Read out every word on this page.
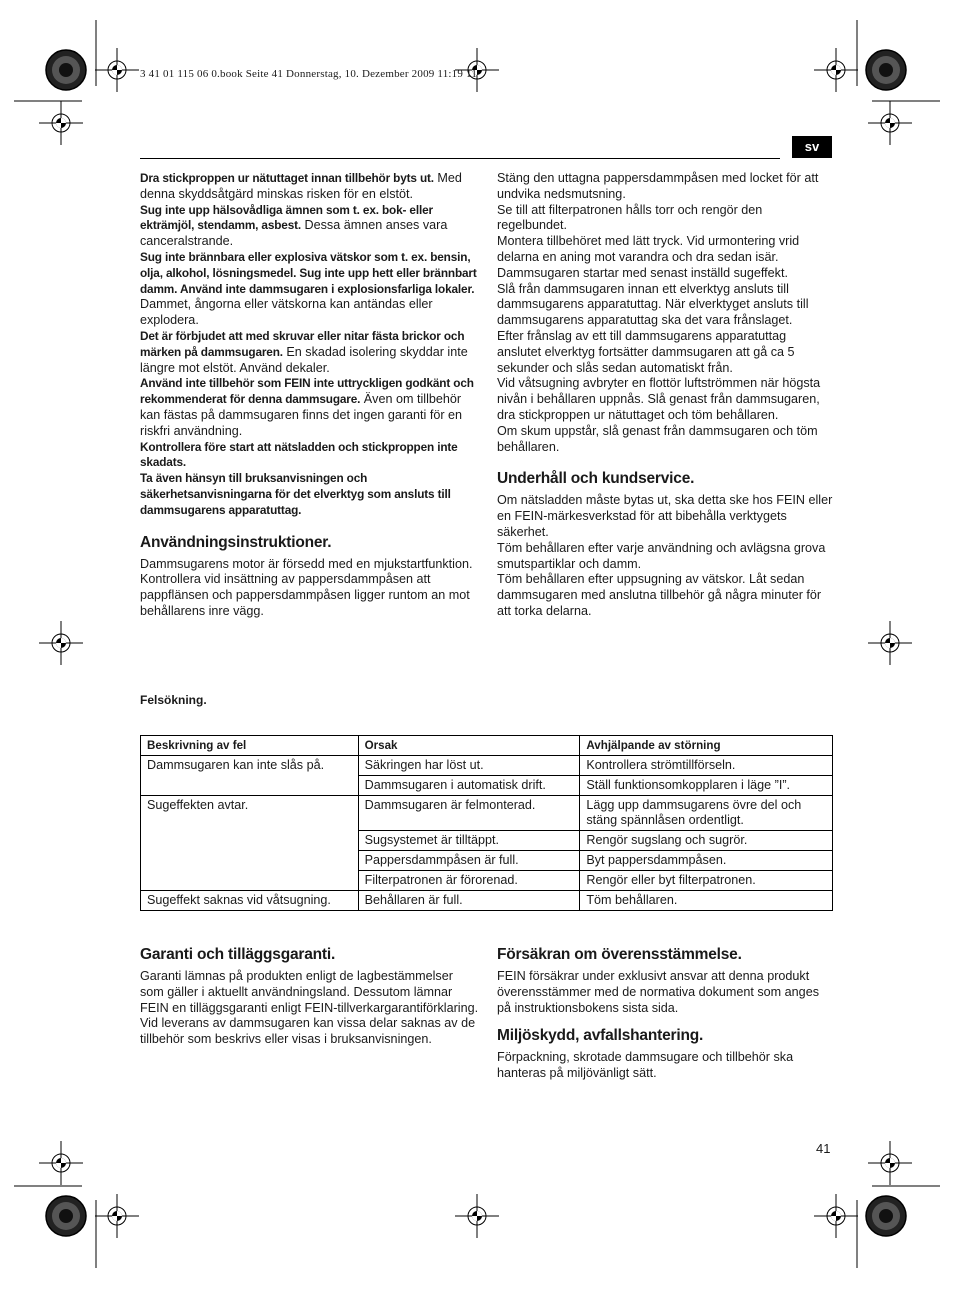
3 41 01 115 06 0.book Seite 41 Donnerstag, 10. Dezember 2009 11:19 11
sv

Dra stickproppen ur nätuttaget innan tillbehör byts ut. Med denna skyddsåtgärd minskas risken för en elstöt.

Sug inte upp hälsovådliga ämnen som t. ex. bok- eller ekträmjöl, stendamm, asbest. Dessa ämnen anses vara canceralstrande.

Sug inte brännbara eller explosiva vätskor som t. ex. bensin, olja, alkohol, lösningsmedel. Sug inte upp hett eller brännbart damm. Använd inte dammsugaren i explosionsfarliga lokaler. Dammet, ångorna eller vätskorna kan antändas eller explodera.

Det är förbjudet att med skruvar eller nitar fästa brickor och märken på dammsugaren. En skadad isolering skyddar inte längre mot elstöt. Använd dekaler.

Använd inte tillbehör som FEIN inte uttryckligen godkänt och rekommenderat för denna dammsugare. Även om tillbehör kan fästas på dammsugaren finns det ingen garanti för en riskfri användning.

Kontrollera före start att nätsladden och stickproppen inte skadats.

Ta även hänsyn till bruksanvisningen och säkerhetsanvisningarna för det elverktyg som ansluts till dammsugarens apparatuttag.

Användningsinstruktioner.

Dammsugarens motor är försedd med en mjukstartfunktion.

Kontrollera vid insättning av pappersdammpåsen att pappflänsen och pappersdammpåsen ligger runtom an mot behållarens inre vägg.

Stäng den uttagna pappersdammpåsen med locket för att undvika nedsmutsning.

Se till att filterpatronen hålls torr och rengör den regelbundet.

Montera tillbehöret med lätt tryck. Vid urmontering vrid delarna en aning mot varandra och dra sedan isär.

Dammsugaren startar med senast inställd sugeffekt.

Slå från dammsugaren innan ett elverktyg ansluts till dammsugarens apparatuttag. När elverktyget ansluts till dammsugarens apparatuttag ska det vara frånslaget.

Efter frånslag av ett till dammsugarens apparatuttag anslutet elverktyg fortsätter dammsugaren att gå ca 5 sekunder och slås sedan automatiskt från.

Vid våtsugning avbryter en flottör luftströmmen när högsta nivån i behållaren uppnås. Slå genast från dammsugaren, dra stickproppen ur nätuttaget och töm behållaren.

Om skum uppstår, slå genast från dammsugaren och töm behållaren.

Underhåll och kundservice.

Om nätsladden måste bytas ut, ska detta ske hos FEIN eller en FEIN-märkesverkstad för att bibehålla verktygets säkerhet.

Töm behållaren efter varje användning och avlägsna grova smutspartiklar och damm.

Töm behållaren efter uppsugning av vätskor. Låt sedan dammsugaren med anslutna tillbehör gå några minuter för att torka delarna.

Felsökning.
Beskrivning av fel	Orsak	Avhjälpande av störning
Dammsugaren kan inte slås på.	Säkringen har löst ut.	Kontrollera strömtillförseln.
	Dammsugaren i automatisk drift.	Ställ funktionsomkopplaren i läge ”I”.
Sugeffekten avtar.	Dammsugaren är felmonterad.	Lägg upp dammsugarens övre del och stäng spännlåsen ordentligt.
	Sugsystemet är tilltäppt.	Rengör sugslang och sugrör.
	Pappersdammpåsen är full.	Byt pappersdammpåsen.
	Filterpatronen är förorenad.	Rengör eller byt filterpatronen.
Sugeffekt saknas vid våtsugning.	Behållaren är full.	Töm behållaren.
Garanti och tilläggsgaranti.

Garanti lämnas på produkten enligt de lagbestämmelser som gäller i aktuellt användningsland. Dessutom lämnar FEIN en tilläggsgaranti enligt FEIN-tillverkargarantiförklaring.

Vid leverans av dammsugaren kan vissa delar saknas av de tillbehör som beskrivs eller visas i bruksanvisningen.

Försäkran om överensstämmelse.

FEIN försäkrar under exklusivt ansvar att denna produkt överensstämmer med de normativa dokument som anges på instruktionsbokens sista sida.

Miljöskydd, avfallshantering.

Förpackning, skrotade dammsugare och tillbehör ska hanteras på miljövänligt sätt.

41
